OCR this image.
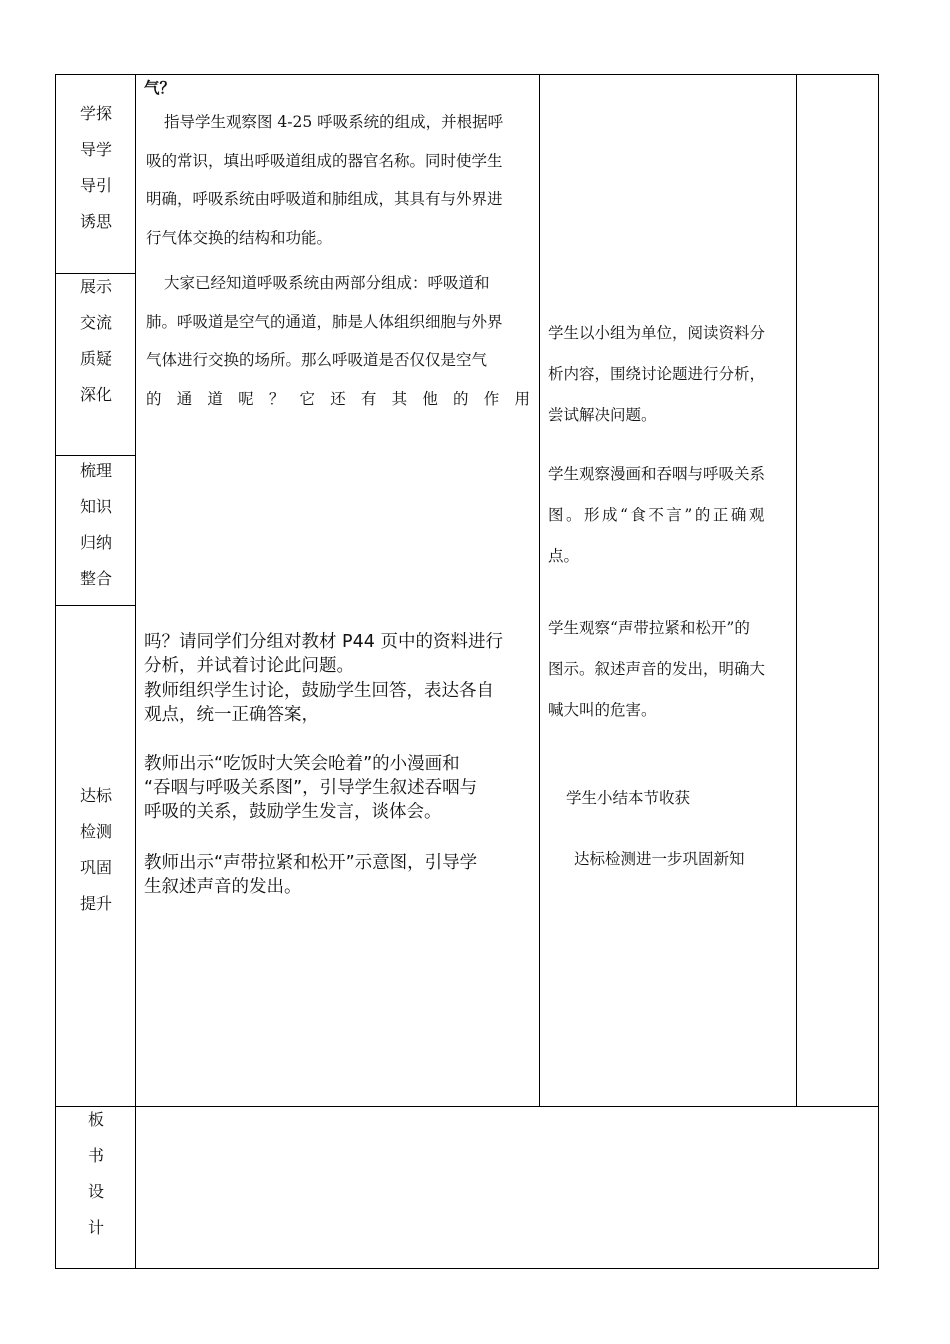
学探
导学
导引
诱思
展示
交流
质疑
深化
梳理
知识
归纳
整合
达标
检测
巩固
提升
板
书
设
计
气？

指导学生观察图 4-25 呼吸系统的组成，并根据呼

吸的常识，填出呼吸道组成的器官名称。同时使学生

明确，呼吸系统由呼吸道和肺组成，其具有与外界进

行气体交换的结构和功能。

大家已经知道呼吸系统由两部分组成：呼吸道和

肺。呼吸道是空气的通道，肺是人体组织细胞与外界

气体进行交换的场所。那么呼吸道是否仅仅是空气

的 通 道 呢 ？ 它 还 有 其 他 的 作 用

吗？请同学们分组对教材 P44 页中的资料进行

分析，并试着讨论此问题。

教师组织学生讨论，鼓励学生回答，表达各自

观点，统一正确答案，

教师出示“吃饭时大笑会呛着”的小漫画和

“吞咽与呼吸关系图”，引导学生叙述吞咽与

呼吸的关系，鼓励学生发言，谈体会。

教师出示“声带拉紧和松开”示意图，引导学

生叙述声音的发出。

学生以小组为单位，阅读资料分

析内容，围绕讨论题进行分析，

尝试解决问题。

学生观察漫画和吞咽与呼吸关系

图。形成“食不言”的正确观

点。

学生观察“声带拉紧和松开”的

图示。叙述声音的发出，明确大

喊大叫的危害。

学生小结本节收获
达标检测进一步巩固新知
